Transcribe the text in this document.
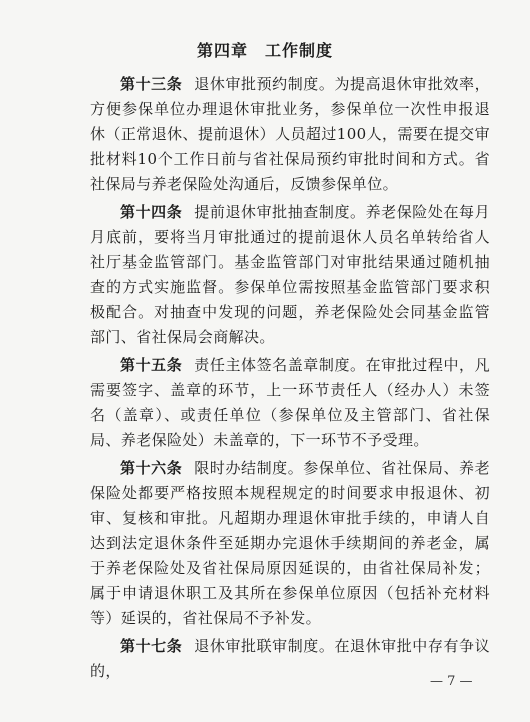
第四章　工作制度

第十三条 退休审批预约制度。为提高退休审批效率，方便参保单位办理退休审批业务，参保单位一次性申报退休（正常退休、提前退休）人员超过100人，需要在提交审批材料10个工作日前与省社保局预约审批时间和方式。省社保局与养老保险处沟通后，反馈参保单位。

第十四条 提前退休审批抽查制度。养老保险处在每月月底前，要将当月审批通过的提前退休人员名单转给省人社厅基金监管部门。基金监管部门对审批结果通过随机抽查的方式实施监督。参保单位需按照基金监管部门要求积极配合。对抽查中发现的问题，养老保险处会同基金监管部门、省社保局会商解决。

第十五条 责任主体签名盖章制度。在审批过程中，凡需要签字、盖章的环节，上一环节责任人（经办人）未签名（盖章）、或责任单位（参保单位及主管部门、省社保局、养老保险处）未盖章的，下一环节不予受理。

第十六条 限时办结制度。参保单位、省社保局、养老保险处都要严格按照本规程规定的时间要求申报退休、初审、复核和审批。凡超期办理退休审批手续的，申请人自达到法定退休条件至延期办完退休手续期间的养老金，属于养老保险处及省社保局原因延误的，由省社保局补发；属于申请退休职工及其所在参保单位原因（包括补充材料等）延误的，省社保局不予补发。

第十七条 退休审批联审制度。在退休审批中存有争议的，

— 7 —
